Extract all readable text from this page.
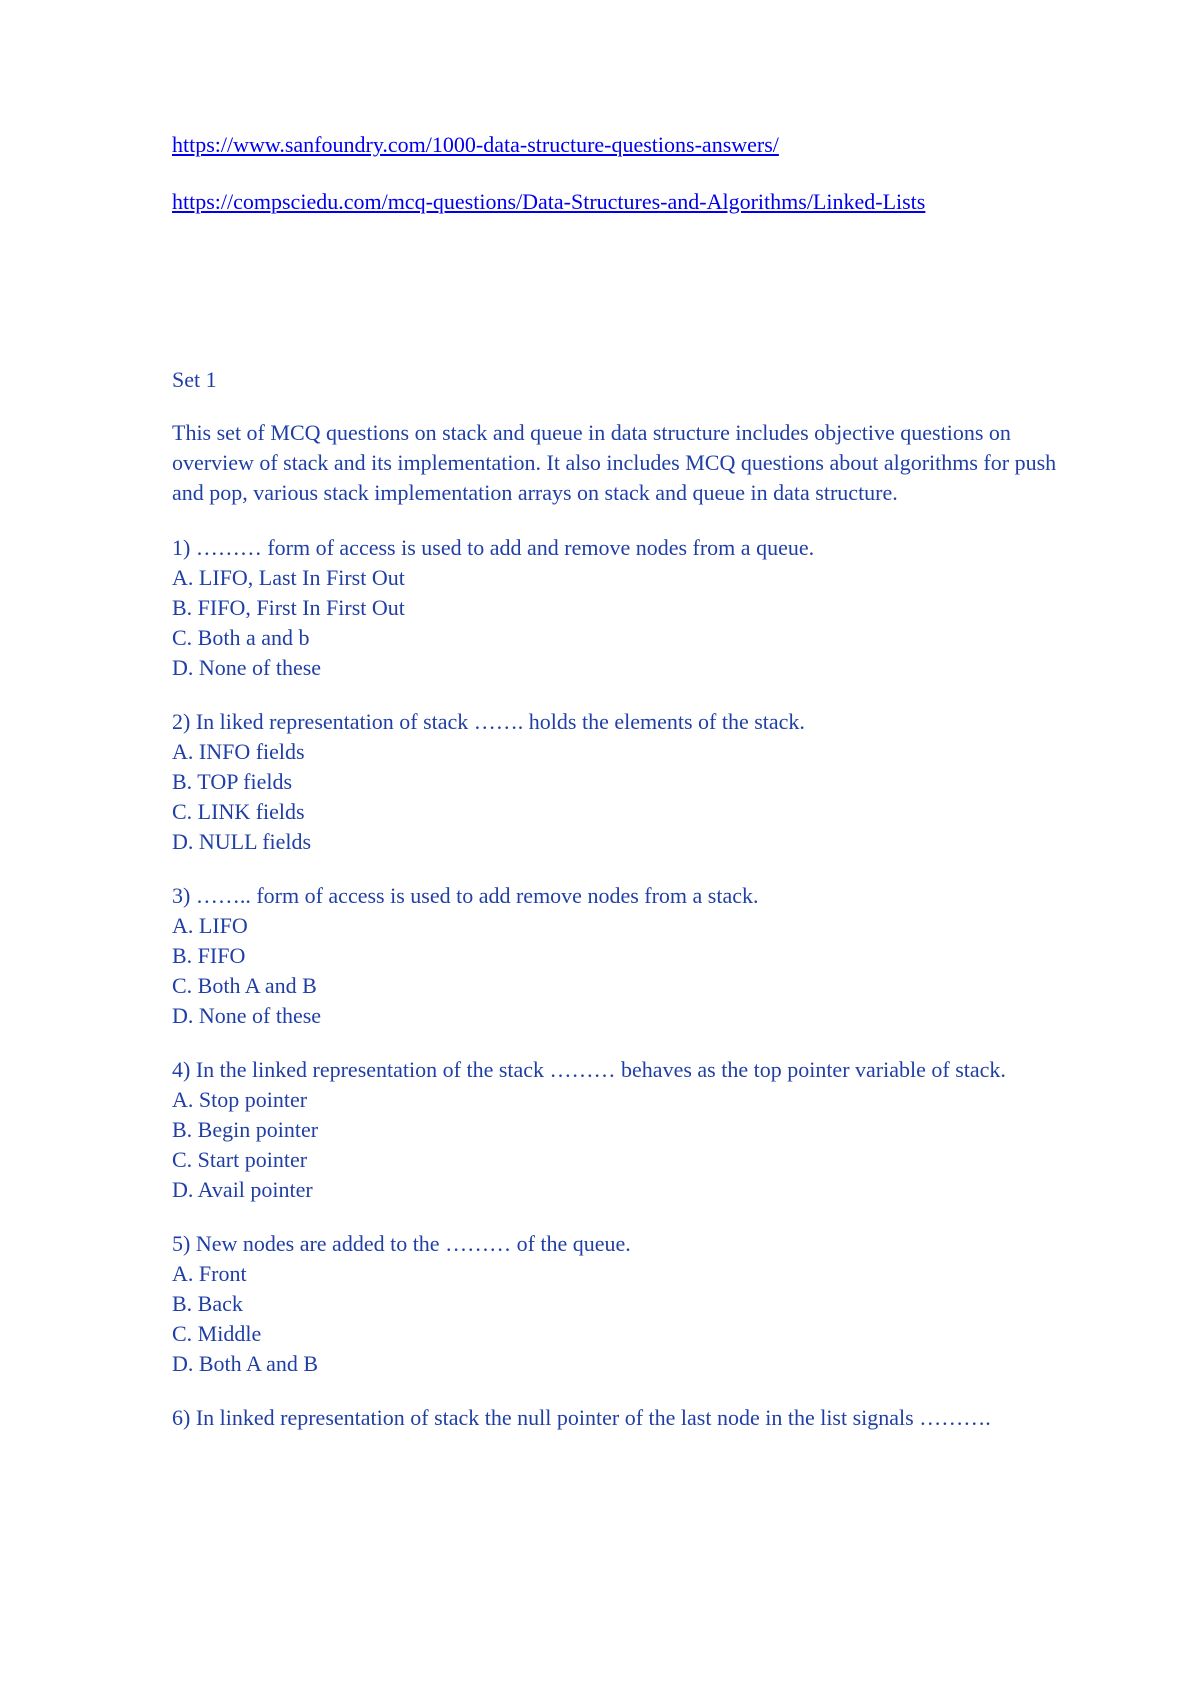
https://www.sanfoundry.com/1000-data-structure-questions-answers/
https://compsciedu.com/mcq-questions/Data-Structures-and-Algorithms/Linked-Lists
Set 1

This set of MCQ questions on stack and queue in data structure includes objective questions on overview of stack and its implementation. It also includes MCQ questions about algorithms for push and pop, various stack implementation arrays on stack and queue in data structure.

1) ……… form of access is used to add and remove nodes from a queue.
A. LIFO, Last In First Out
B. FIFO, First In First Out
C. Both a and b
D. None of these
2) In liked representation of stack ……. holds the elements of the stack.
A. INFO fields
B. TOP fields
C. LINK fields
D. NULL fields
3) …….. form of access is used to add remove nodes from a stack.
A. LIFO
B. FIFO
C. Both A and B
D. None of these
4) In the linked representation of the stack ……… behaves as the top pointer variable of stack.
A. Stop pointer
B. Begin pointer
C. Start pointer
D. Avail pointer
5) New nodes are added to the ……… of the queue.
A. Front
B. Back
C. Middle
D. Both A and B
6) In linked representation of stack the null pointer of the last node in the list signals ……….
